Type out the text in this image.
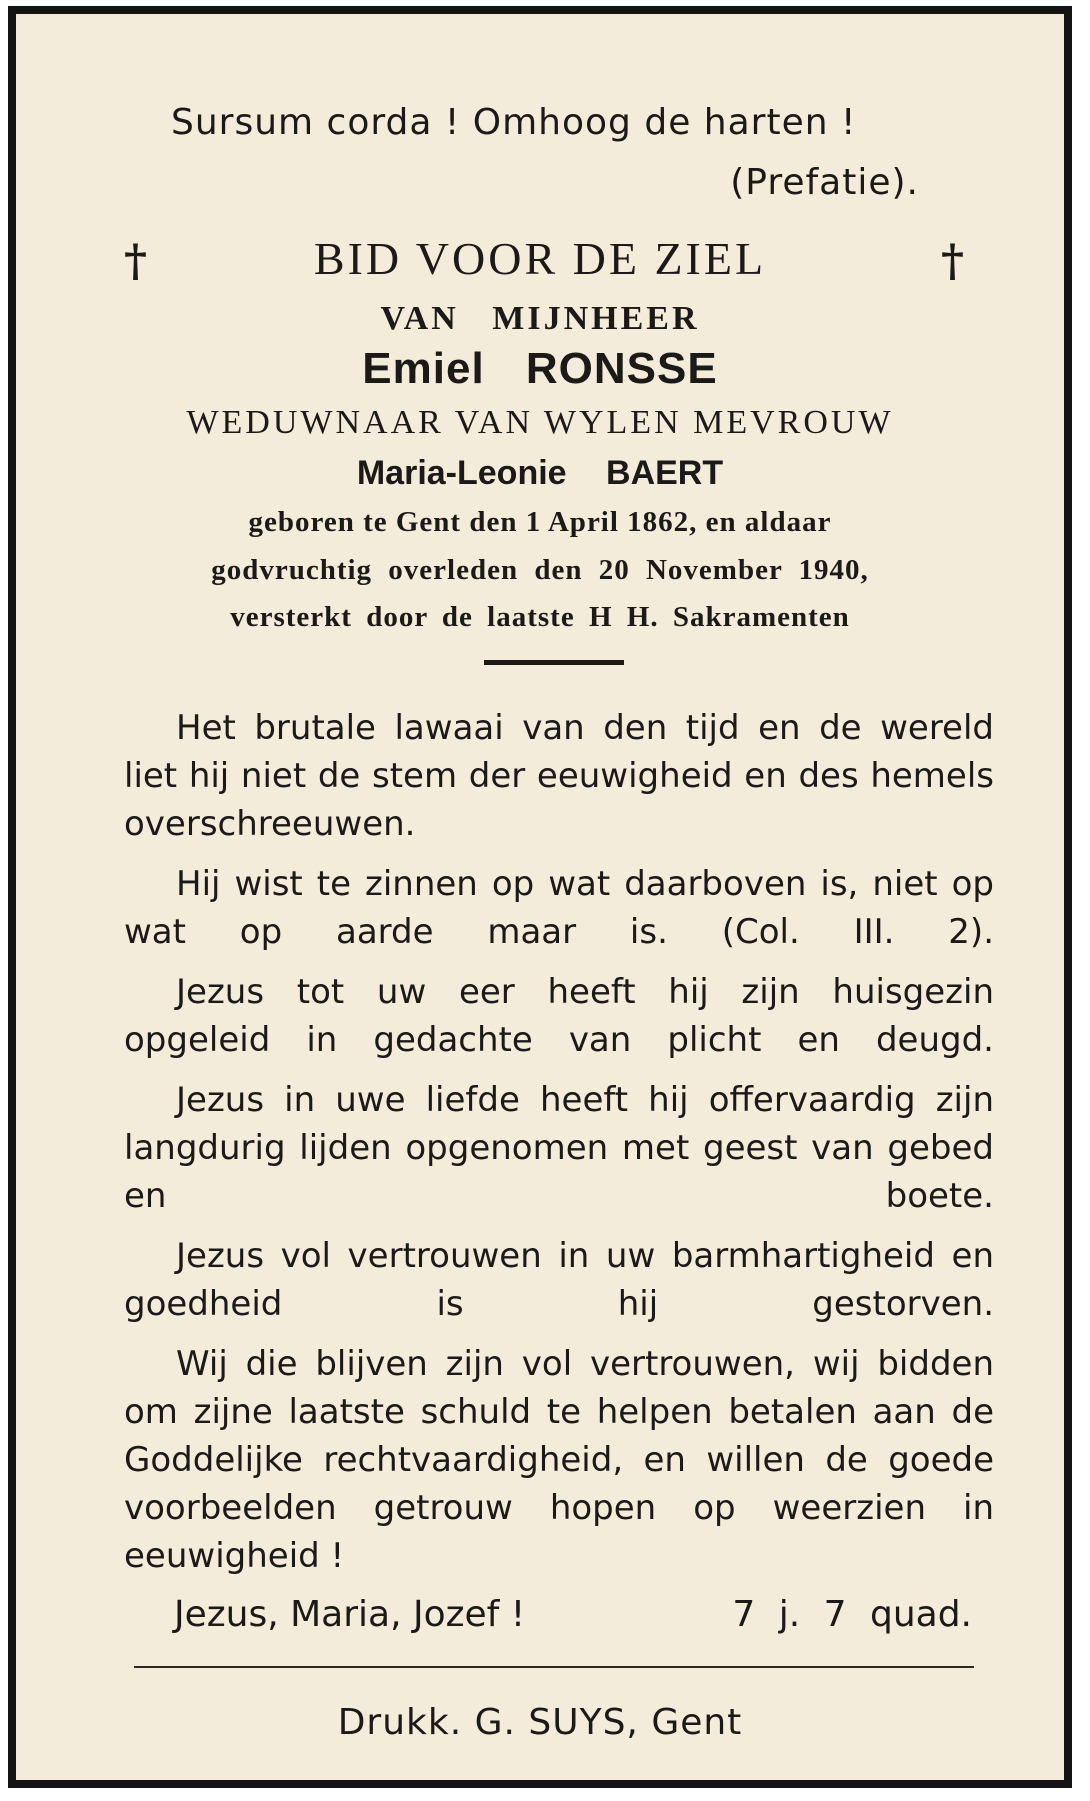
Sursum corda ! Omhoog de harten !
(Prefatie).
†	†
BID VOOR DE ZIEL
VAN MIJNHEER
Emiel RONSSE
WEDUWNAAR VAN WYLEN MEVROUW
Maria-Leonie BAERT
geboren te Gent den 1 April 1862, en aldaar
godvruchtig overleden den 20 November 1940,
versterkt door de laatste H H. Sakramenten

Het brutale lawaai van den tijd en de wereld liet hij niet de stem der eeuwigheid en des hemels overschreeuwen.

Hij wist te zinnen op wat daarboven is, niet op wat op aarde maar is. (Col. III. 2).

Jezus tot uw eer heeft hij zijn huisgezin opgeleid in gedachte van plicht en deugd.

Jezus in uwe liefde heeft hij offervaardig zijn langdurig lijden opgenomen met geest van gebed en boete.

Jezus vol vertrouwen in uw barmhartigheid en goedheid is hij gestorven.

Wij die blijven zijn vol vertrouwen, wij bidden om zijne laatste schuld te helpen betalen aan de Goddelijke rechtvaardigheid, en willen de goede voorbeelden getrouw hopen op weerzien in eeuwigheid !

Jezus, Maria, Jozef !	7 j. 7 quad.
Drukk. G. SUYS, Gent
